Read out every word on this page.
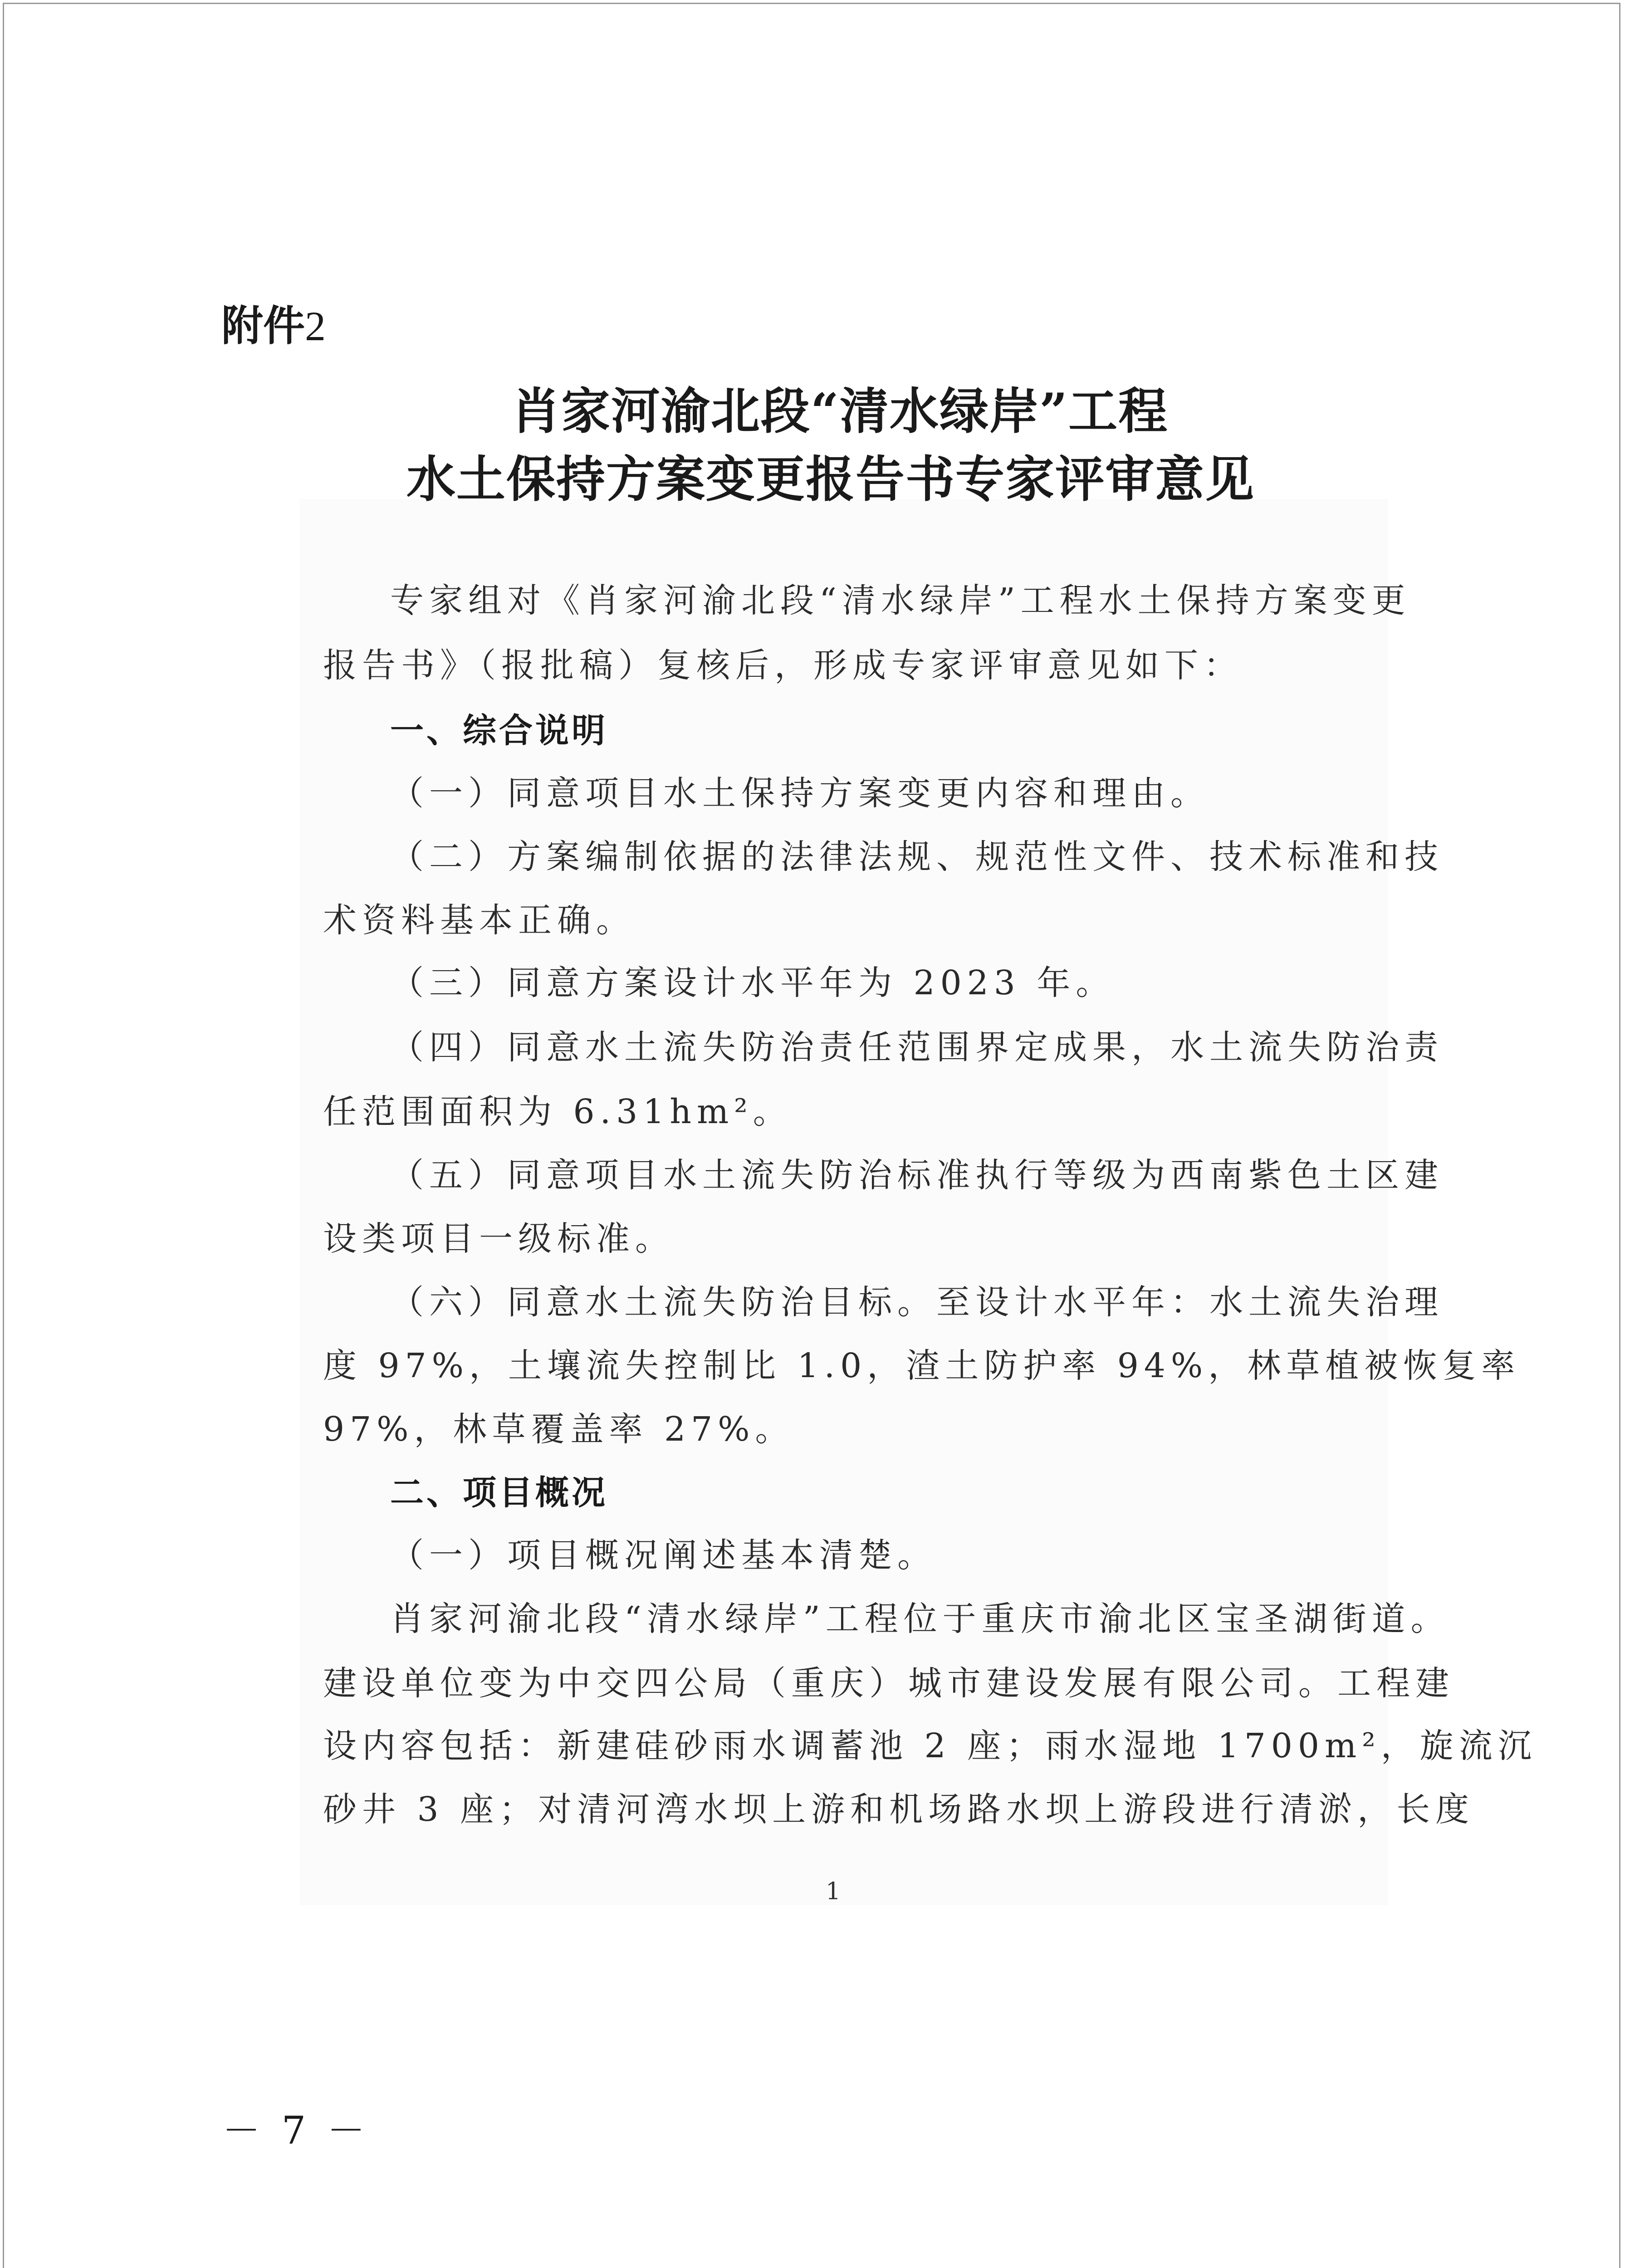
附件2
肖家河渝北段“清水绿岸”工程
水土保持方案变更报告书专家评审意见
专家组对《肖家河渝北段“清水绿岸”工程水土保持方案变更
报告书》（报批稿）复核后，形成专家评审意见如下：
一、综合说明
（一）同意项目水土保持方案变更内容和理由。
（二）方案编制依据的法律法规、规范性文件、技术标准和技
术资料基本正确。
（三）同意方案设计水平年为 2023 年。
（四）同意水土流失防治责任范围界定成果，水土流失防治责
任范围面积为 6.31hm²。
（五）同意项目水土流失防治标准执行等级为西南紫色土区建
设类项目一级标准。
（六）同意水土流失防治目标。至设计水平年：水土流失治理
度 97%，土壤流失控制比 1.0，渣土防护率 94%，林草植被恢复率
97%，林草覆盖率 27%。
二、项目概况
（一）项目概况阐述基本清楚。
肖家河渝北段“清水绿岸”工程位于重庆市渝北区宝圣湖街道。
建设单位变为中交四公局（重庆）城市建设发展有限公司。工程建
设内容包括：新建硅砂雨水调蓄池 2 座；雨水湿地 1700m²，旋流沉
砂井 3 座；对清河湾水坝上游和机场路水坝上游段进行清淤，长度
1
－ 7 －
